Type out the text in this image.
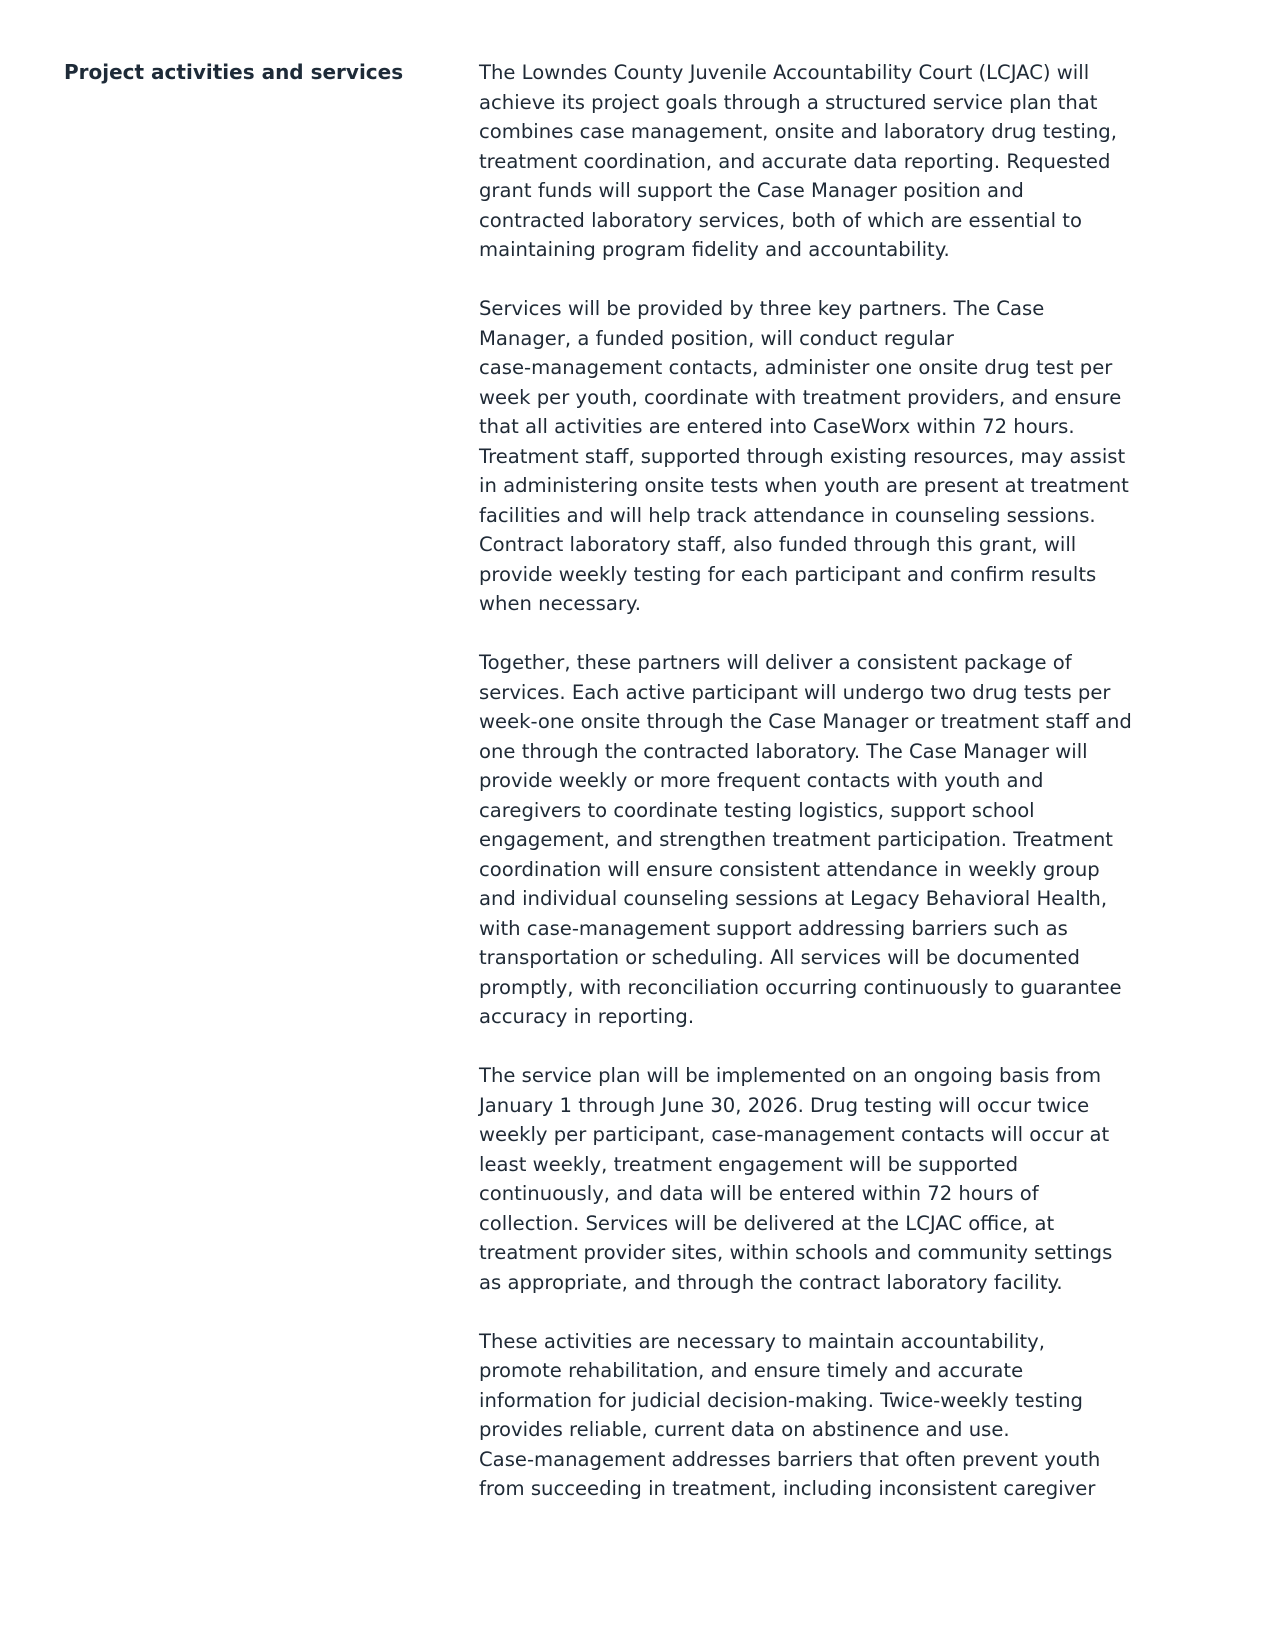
Project activities and services	The Lowndes County Juvenile Accountability Court (LCJAC) will
achieve its project goals through a structured service plan that
combines case management, onsite and laboratory drug testing,
treatment coordination, and accurate data reporting. Requested
grant funds will support the Case Manager position and
contracted laboratory services, both of which are essential to
maintaining program fidelity and accountability.

Services will be provided by three key partners. The Case
Manager, a funded position, will conduct regular
case-management contacts, administer one onsite drug test per
week per youth, coordinate with treatment providers, and ensure
that all activities are entered into CaseWorx within 72 hours.
Treatment staff, supported through existing resources, may assist
in administering onsite tests when youth are present at treatment
facilities and will help track attendance in counseling sessions.
Contract laboratory staff, also funded through this grant, will
provide weekly testing for each participant and confirm results
when necessary.

Together, these partners will deliver a consistent package of
services. Each active participant will undergo two drug tests per
week-one onsite through the Case Manager or treatment staff and
one through the contracted laboratory. The Case Manager will
provide weekly or more frequent contacts with youth and
caregivers to coordinate testing logistics, support school
engagement, and strengthen treatment participation. Treatment
coordination will ensure consistent attendance in weekly group
and individual counseling sessions at Legacy Behavioral Health,
with case-management support addressing barriers such as
transportation or scheduling. All services will be documented
promptly, with reconciliation occurring continuously to guarantee
accuracy in reporting.

The service plan will be implemented on an ongoing basis from
January 1 through June 30, 2026. Drug testing will occur twice
weekly per participant, case-management contacts will occur at
least weekly, treatment engagement will be supported
continuously, and data will be entered within 72 hours of
collection. Services will be delivered at the LCJAC office, at
treatment provider sites, within schools and community settings
as appropriate, and through the contract laboratory facility.

These activities are necessary to maintain accountability,
promote rehabilitation, and ensure timely and accurate
information for judicial decision-making. Twice-weekly testing
provides reliable, current data on abstinence and use.
Case-management addresses barriers that often prevent youth
from succeeding in treatment, including inconsistent caregiver
